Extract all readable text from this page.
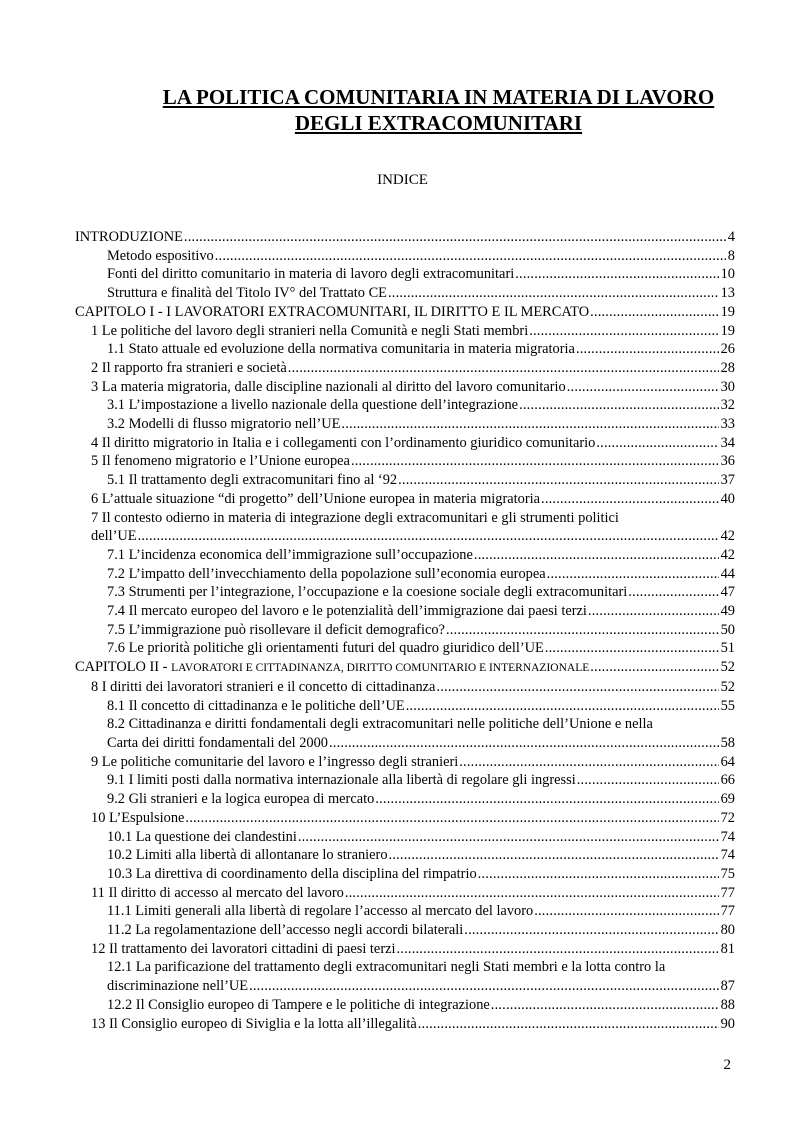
LA POLITICA COMUNITARIA IN MATERIA DI LAVORO
DEGLI EXTRACOMUNITARI
INDICE
INTRODUZIONE .....	4
Metodo espositivo .....	8
Fonti del diritto comunitario in materia di lavoro degli extracomunitari .....	10
Struttura e finalità del Titolo IV° del Trattato CE .....	13
CAPITOLO I - I LAVORATORI EXTRACOMUNITARI, IL DIRITTO E IL MERCATO .....	19
1 Le politiche del lavoro degli stranieri nella Comunità e negli Stati membri .....	19
1.1 Stato attuale ed evoluzione della normativa comunitaria in materia migratoria .....	26
2 Il rapporto fra stranieri e società .....	28
3 La materia migratoria, dalle discipline nazionali al diritto del lavoro comunitario .....	30
3.1 L’impostazione a livello nazionale della questione dell’integrazione .....	32
3.2 Modelli di flusso migratorio nell’UE .....	33
4 Il diritto migratorio in Italia e i collegamenti con l’ordinamento giuridico comunitario .....	34
5 Il fenomeno migratorio e l’Unione europea .....	36
5.1 Il trattamento degli extracomunitari fino al ‘92 .....	37
6 L’attuale situazione “di progetto” dell’Unione europea in materia migratoria .....	40
7 Il contesto odierno in materia di integrazione degli extracomunitari e gli strumenti politici
dell’UE .....	42
7.1 L’incidenza economica dell’immigrazione sull’occupazione .....	42
7.2 L’impatto dell’invecchiamento della popolazione sull’economia europea .....	44
7.3 Strumenti per l’integrazione, l’occupazione e la coesione sociale degli extracomunitari .....	47
7.4 Il mercato europeo del lavoro e le potenzialità dell’immigrazione dai paesi terzi .....	49
7.5 L’immigrazione può risollevare il deficit demografico? .....	50
7.6 Le priorità politiche gli orientamenti futuri del quadro giuridico dell’UE .....	51
CAPITOLO II - LAVORATORI E CITTADINANZA, DIRITTO COMUNITARIO E INTERNAZIONALE .....	52
8 I diritti dei lavoratori stranieri e il concetto di cittadinanza .....	52
8.1 Il concetto di cittadinanza e le politiche dell’UE .....	55
8.2 Cittadinanza e diritti fondamentali degli extracomunitari nelle politiche dell’Unione e nella
Carta dei diritti fondamentali del 2000 .....	58
9 Le politiche comunitarie del lavoro e l’ingresso degli stranieri .....	64
9.1 I limiti posti dalla normativa internazionale alla libertà di regolare gli ingressi .....	66
9.2 Gli stranieri e la logica europea di mercato .....	69
10 L’Espulsione .....	72
10.1 La questione dei clandestini .....	74
10.2 Limiti alla libertà di allontanare lo straniero .....	74
10.3 La direttiva di coordinamento della disciplina del rimpatrio .....	75
11 Il diritto di accesso al mercato del lavoro .....	77
11.1 Limiti generali alla libertà di regolare l’accesso al mercato del lavoro .....	77
11.2 La regolamentazione dell’accesso negli accordi bilaterali .....	80
12 Il trattamento dei lavoratori cittadini di paesi terzi .....	81
12.1 La parificazione del trattamento degli extracomunitari negli Stati membri e la lotta contro la
discriminazione nell’UE .....	87
12.2 Il Consiglio europeo di Tampere e le politiche di integrazione .....	88
13 Il Consiglio europeo di Siviglia e la lotta all’illegalità .....	90
2
